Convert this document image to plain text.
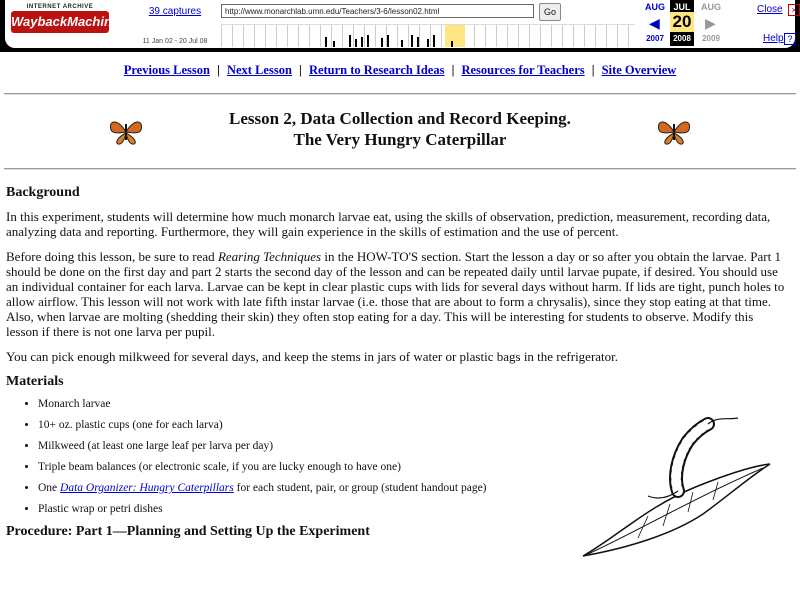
INTERNET ARCHIVE
WaybackMachine
39 captures
11 Jan 02 - 20 Jul 08
http://www.monarchlab.umn.edu/Teachers/3-6/lesson02.html	Go	AUG
◀
2007
JUL
20
2008
AUG
▶
2009
Close ×
Help ?
Previous Lesson | Next Lesson | Return to Research Ideas | Resources for Teachers | Site Overview
Lesson 2, Data Collection and Record Keeping.
The Very Hungry Caterpillar
Background

In this experiment, students will determine how much monarch larvae eat, using the skills of observation, prediction, measurement, recording data, analyzing data and reporting. Furthermore, they will gain experience in the skills of estimation and the use of percent.

Before doing this lesson, be sure to read Rearing Techniques in the HOW-TO'S section. Start the lesson a day or so after you obtain the larvae. Part 1 should be done on the first day and part 2 starts the second day of the lesson and can be repeated daily until larvae pupate, if desired. You should use an individual container for each larva. Larvae can be kept in clear plastic cups with lids for several days without harm. If lids are tight, punch holes to allow airflow. This lesson will not work with late fifth instar larvae (i.e. those that are about to form a chrysalis), since they stop eating at that time. Also, when larvae are molting (shedding their skin) they often stop eating for a day. This will be interesting for students to observe. Modify this lesson if there is not one larva per pupil.

You can pick enough milkweed for several days, and keep the stems in jars of water or plastic bags in the refrigerator.

Materials
• Monarch larvae
• 10+ oz. plastic cups (one for each larva)
• Milkweed (at least one large leaf per larva per day)
• Triple beam balances (or electronic scale, if you are lucky enough to have one)
• One Data Organizer: Hungry Caterpillars for each student, pair, or group (student handout page)
• Plastic wrap or petri dishes
Procedure: Part 1—Planning and Setting Up the Experiment
